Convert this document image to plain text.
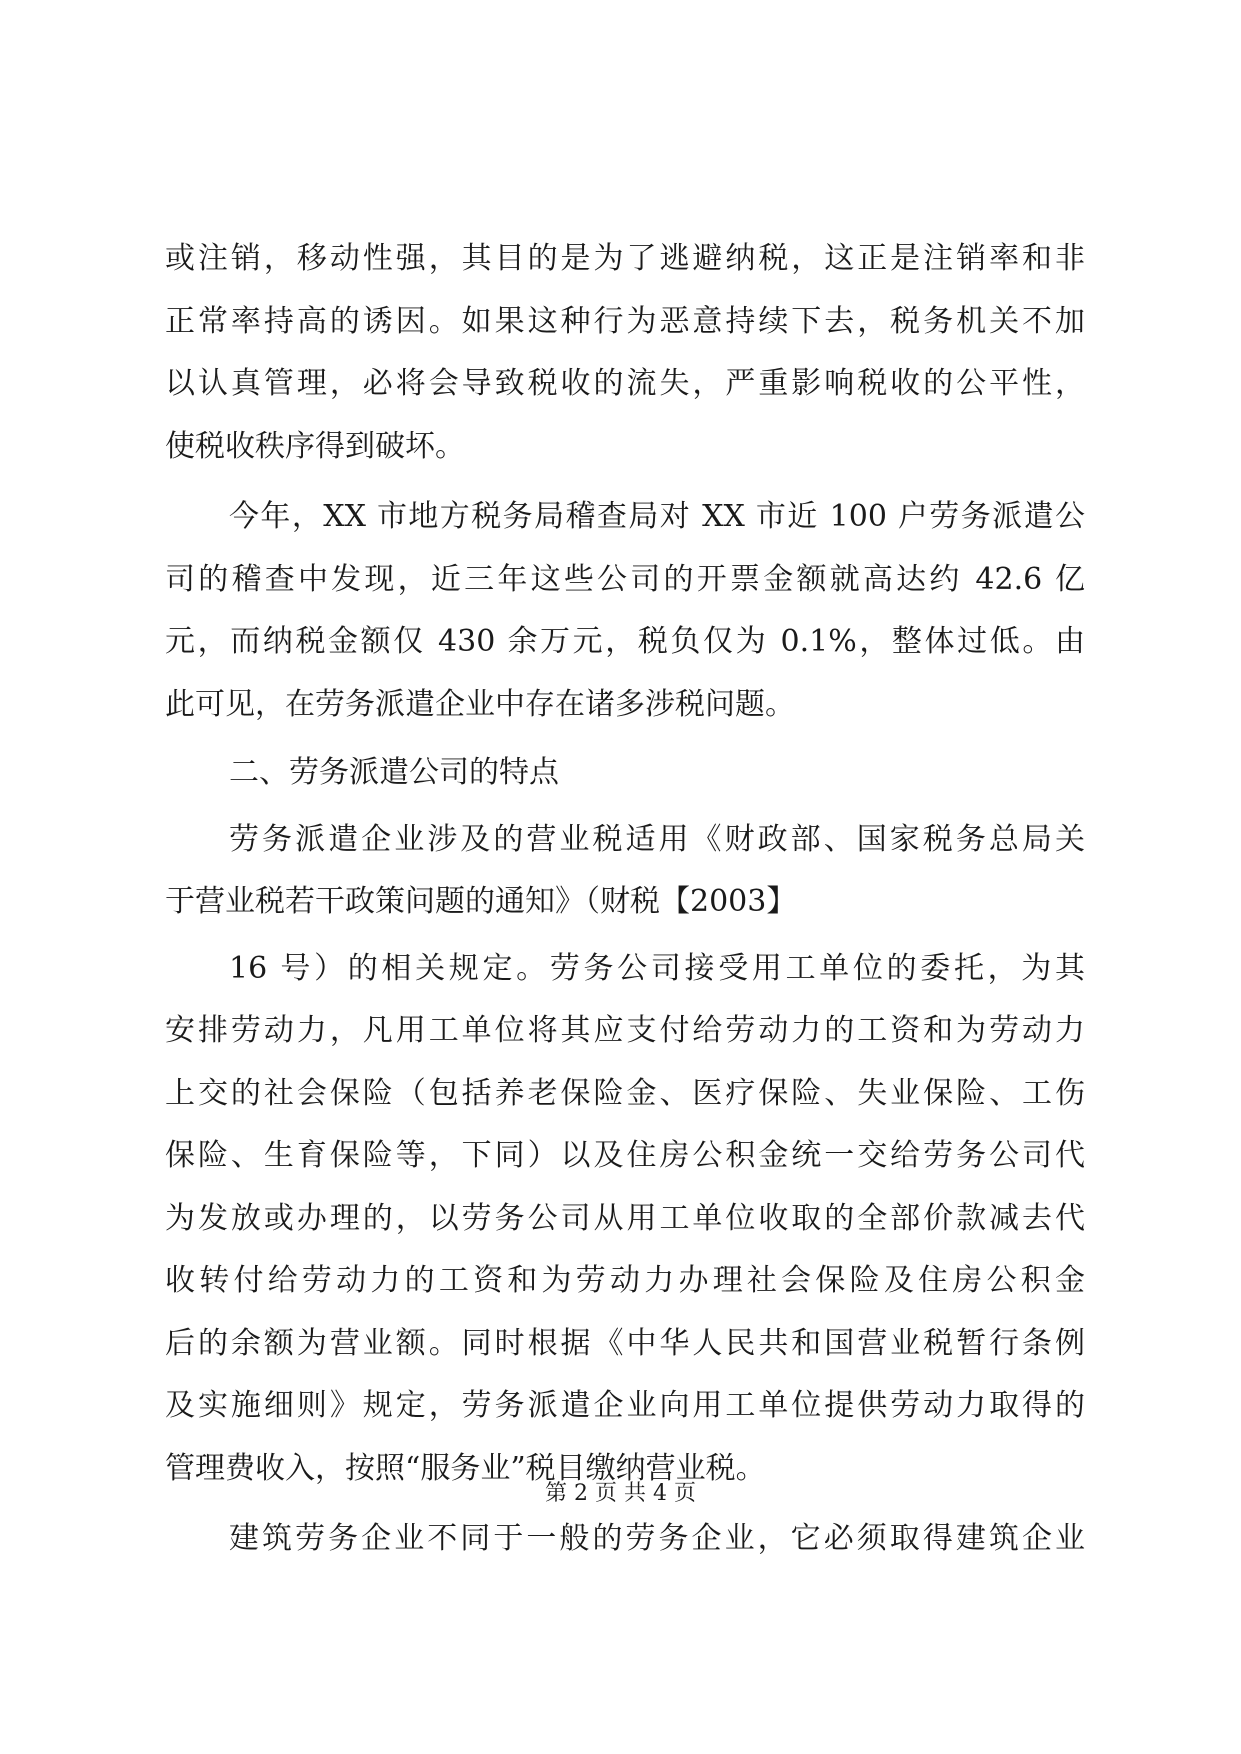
或注销，移动性强，其目的是为了逃避纳税，这正是注销率和非
正常率持高的诱因。如果这种行为恶意持续下去，税务机关不加
以认真管理，必将会导致税收的流失，严重影响税收的公平性，
使税收秩序得到破坏。
今年，XX 市地方税务局稽查局对 XX 市近 100 户劳务派遣公
司的稽查中发现，近三年这些公司的开票金额就高达约 42.6 亿
元，而纳税金额仅 430 余万元，税负仅为 0.1%，整体过低。由
此可见，在劳务派遣企业中存在诸多涉税问题。
二、劳务派遣公司的特点
劳务派遣企业涉及的营业税适用《财政部、国家税务总局关
于营业税若干政策问题的通知》（财税【2003】
16 号）的相关规定。劳务公司接受用工单位的委托，为其
安排劳动力，凡用工单位将其应支付给劳动力的工资和为劳动力
上交的社会保险（包括养老保险金、医疗保险、失业保险、工伤
保险、生育保险等，下同）以及住房公积金统一交给劳务公司代
为发放或办理的，以劳务公司从用工单位收取的全部价款减去代
收转付给劳动力的工资和为劳动力办理社会保险及住房公积金
后的余额为营业额。同时根据《中华人民共和国营业税暂行条例
及实施细则》规定，劳务派遣企业向用工单位提供劳动力取得的
管理费收入，按照“服务业”税目缴纳营业税。
建筑劳务企业不同于一般的劳务企业，它必须取得建筑企业
第 2 页 共 4 页
